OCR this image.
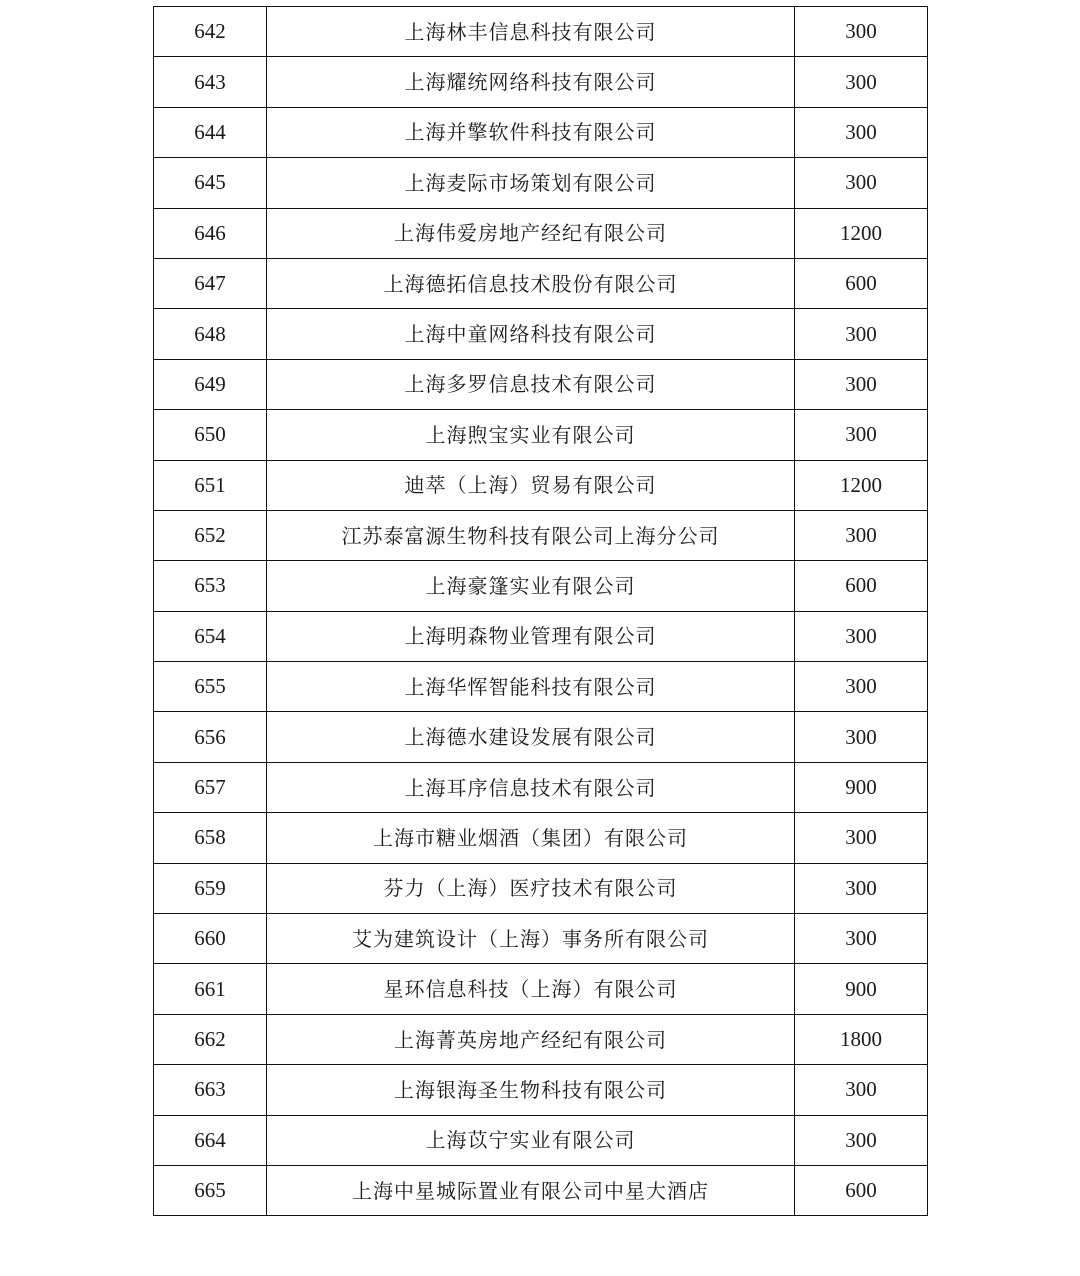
642	上海林丰信息科技有限公司	300
643	上海耀统网络科技有限公司	300
644	上海并擎软件科技有限公司	300
645	上海麦际市场策划有限公司	300
646	上海伟爱房地产经纪有限公司	1200
647	上海德拓信息技术股份有限公司	600
648	上海中童网络科技有限公司	300
649	上海多罗信息技术有限公司	300
650	上海煦宝实业有限公司	300
651	迪萃（上海）贸易有限公司	1200
652	江苏泰富源生物科技有限公司上海分公司	300
653	上海豪篷实业有限公司	600
654	上海明森物业管理有限公司	300
655	上海华恽智能科技有限公司	300
656	上海德水建设发展有限公司	300
657	上海耳序信息技术有限公司	900
658	上海市糖业烟酒（集团）有限公司	300
659	芬力（上海）医疗技术有限公司	300
660	艾为建筑设计（上海）事务所有限公司	300
661	星环信息科技（上海）有限公司	900
662	上海菁英房地产经纪有限公司	1800
663	上海银海圣生物科技有限公司	300
664	上海苡宁实业有限公司	300
665	上海中星城际置业有限公司中星大酒店	600
